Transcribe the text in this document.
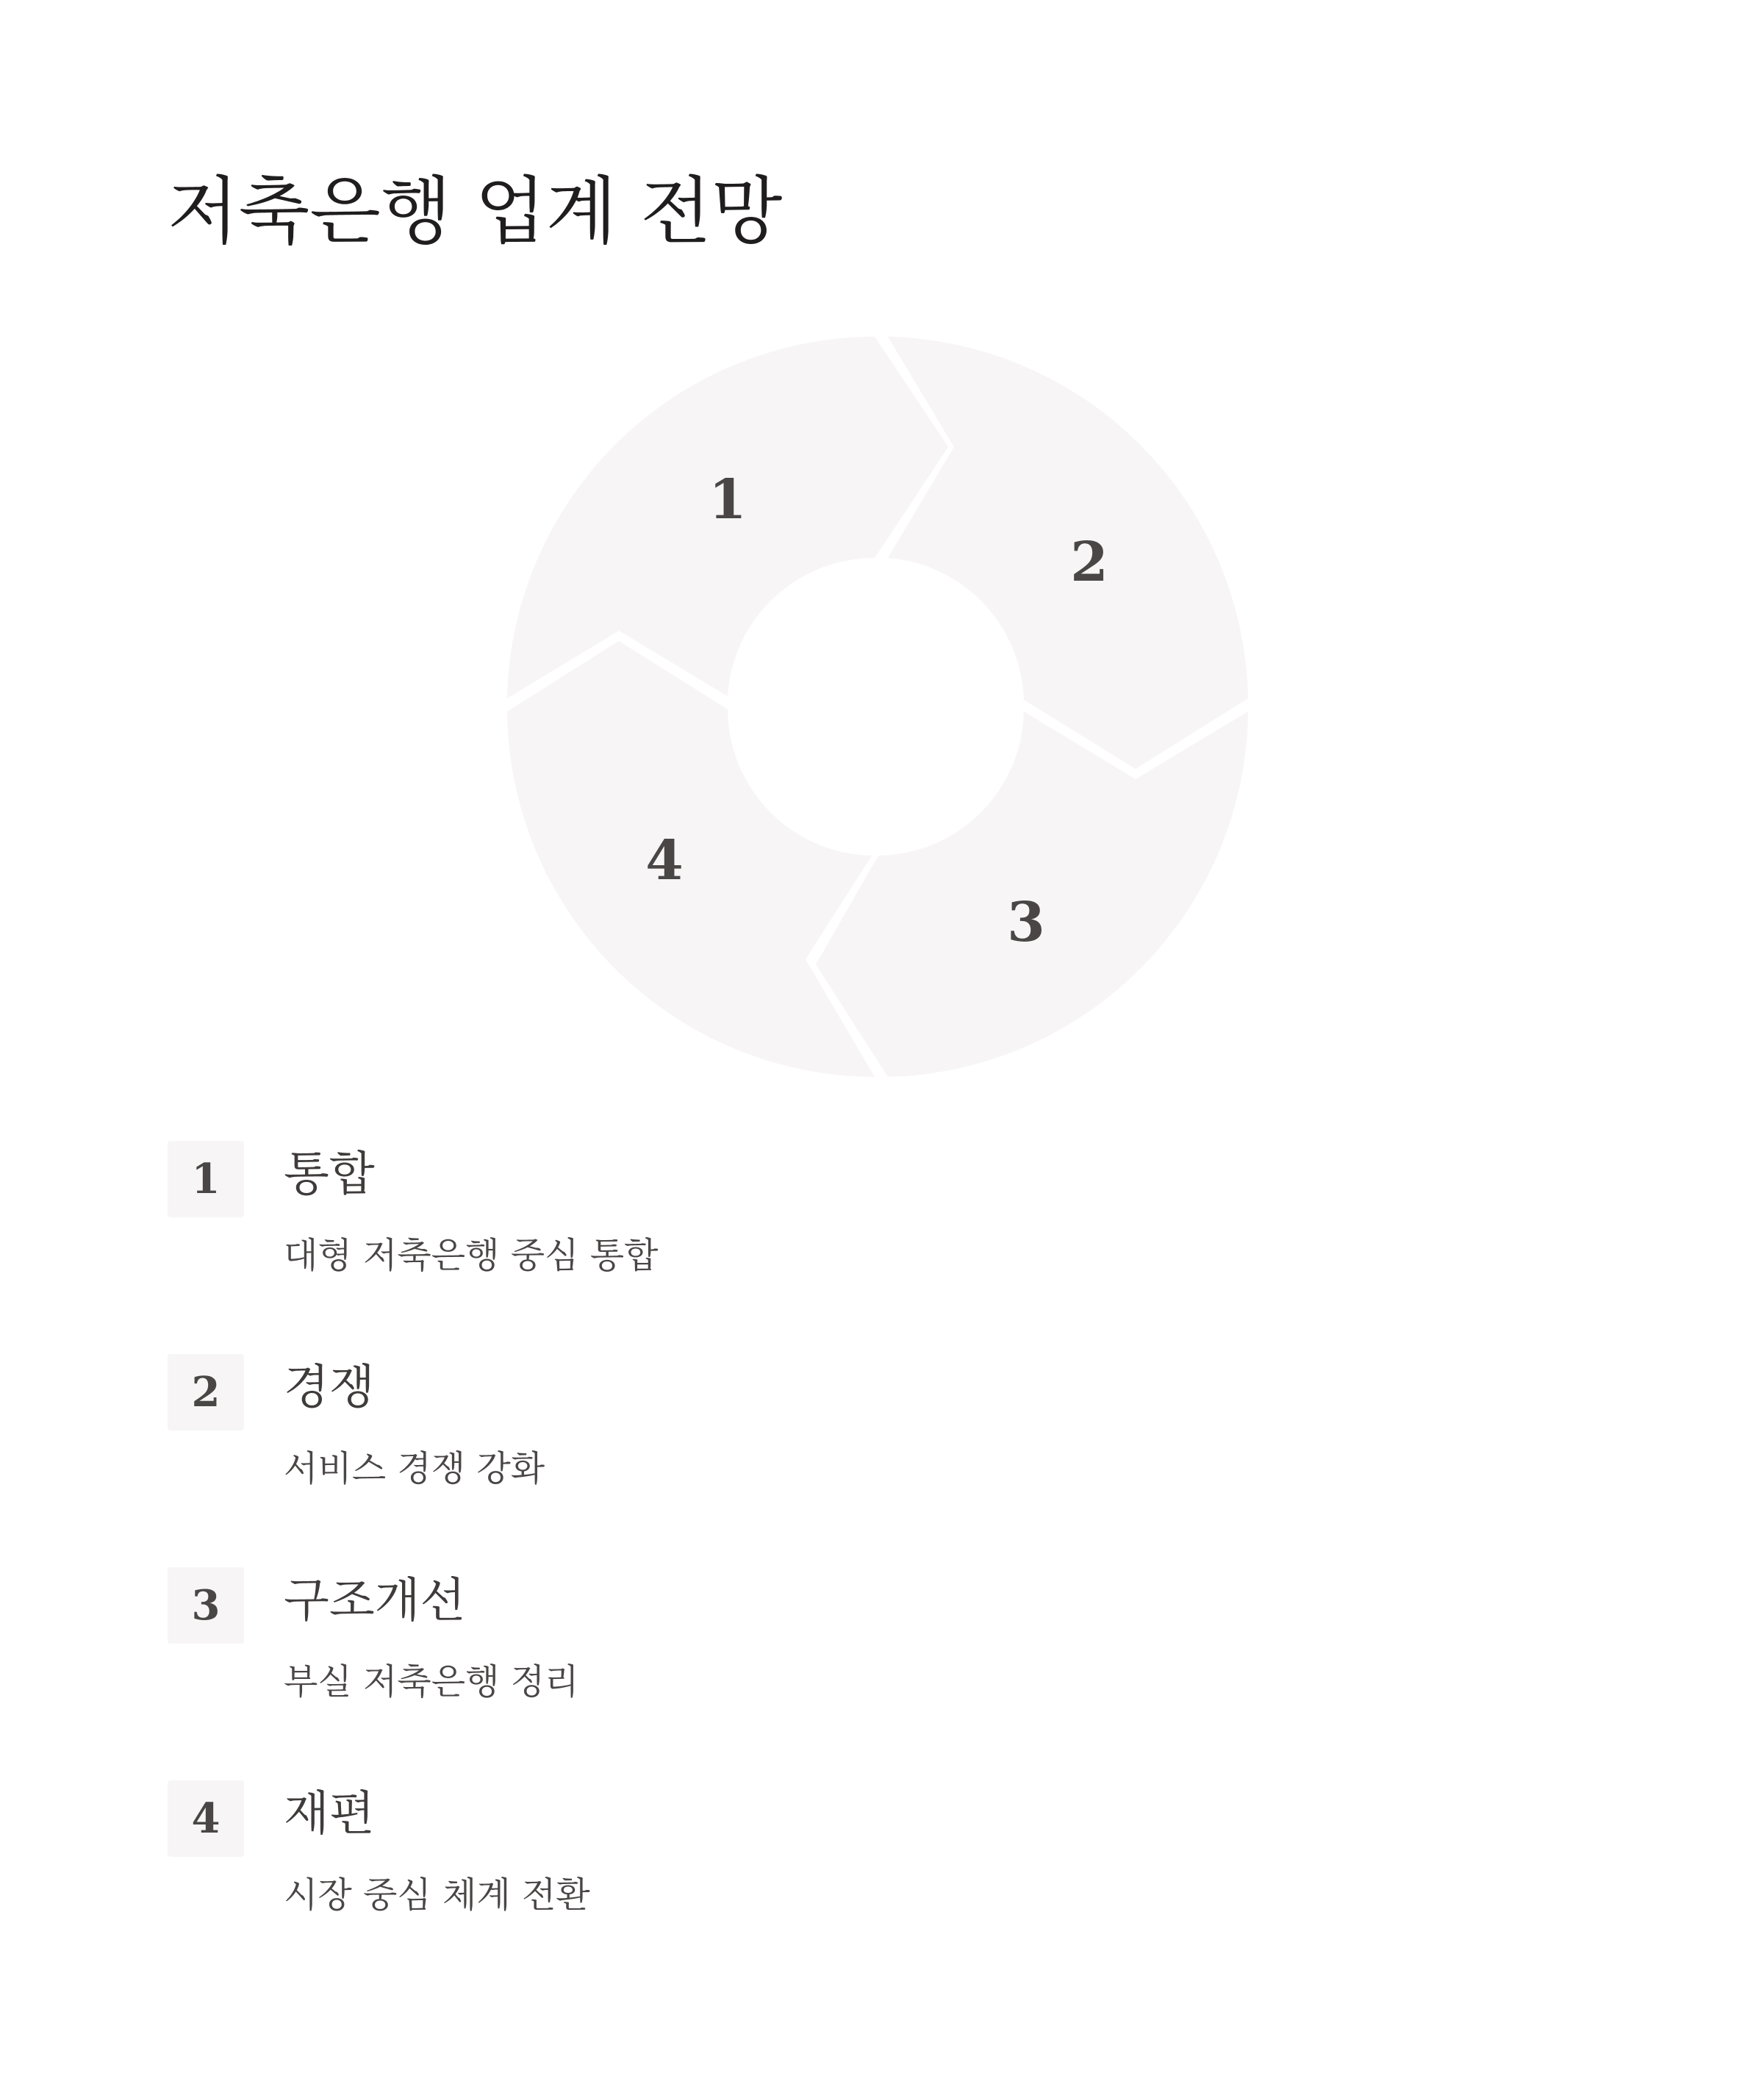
저축은행 업계 전망
1
2
3
4
1	통합
대형 저축은행 중심 통합
2	경쟁
서비스 경쟁 강화
3	구조개선
부실 저축은행 정리
4	재편
시장 중심 체계 전환
